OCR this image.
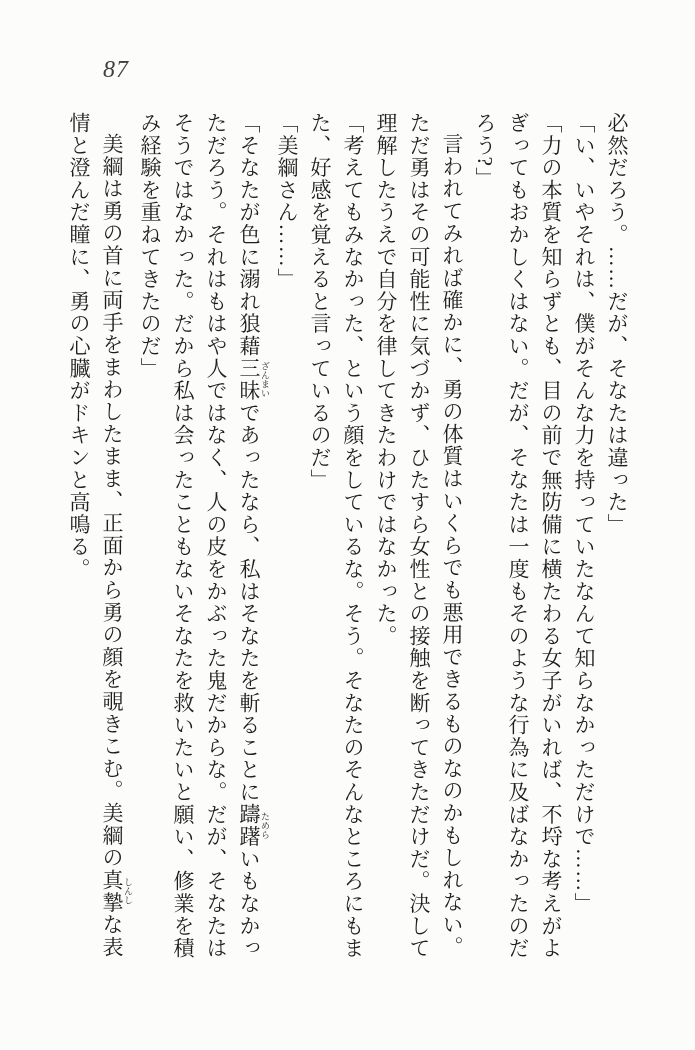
87
必然だろう。……だが、そなたは違った」
「い、いやそれは、僕がそんな力を持っていたなんて知らなかっただけで……」
「力の本質を知らずとも、目の前で無防備に横たわる女子がいれば、不埒な考えがよ
ぎってもおかしくはない。だが、そなたは一度もそのような行為に及ばなかったのだ
ろう?」
言われてみれば確かに、勇の体質はいくらでも悪用できるものなのかもしれない。
ただ勇はその可能性に気づかず、ひたすら女性との接触を断ってきただけだ。決して
理解したうえで自分を律してきたわけではなかった。
「考えてもみなかった、という顔をしているな。そう。そなたのそんなところにもま
た、好感を覚えると言っているのだ」
「美綱さん……」
「そなたが色に溺れ狼藉三昧 ざんまいであったなら、私はそなたを斬ることに躊躇 ためらいもなかっ
ただろう。それはもはや人ではなく、人の皮をかぶった鬼だからな。だが、そなたは
そうではなかった。だから私は会ったこともないそなたを救いたいと願い、修業を積
み経験を重ねてきたのだ」
美綱は勇の首に両手をまわしたまま、正面から勇の顔を覗きこむ。美綱の真摯 しんしな表
情と澄んだ瞳に、勇の心臓がドキンと高鳴る。
